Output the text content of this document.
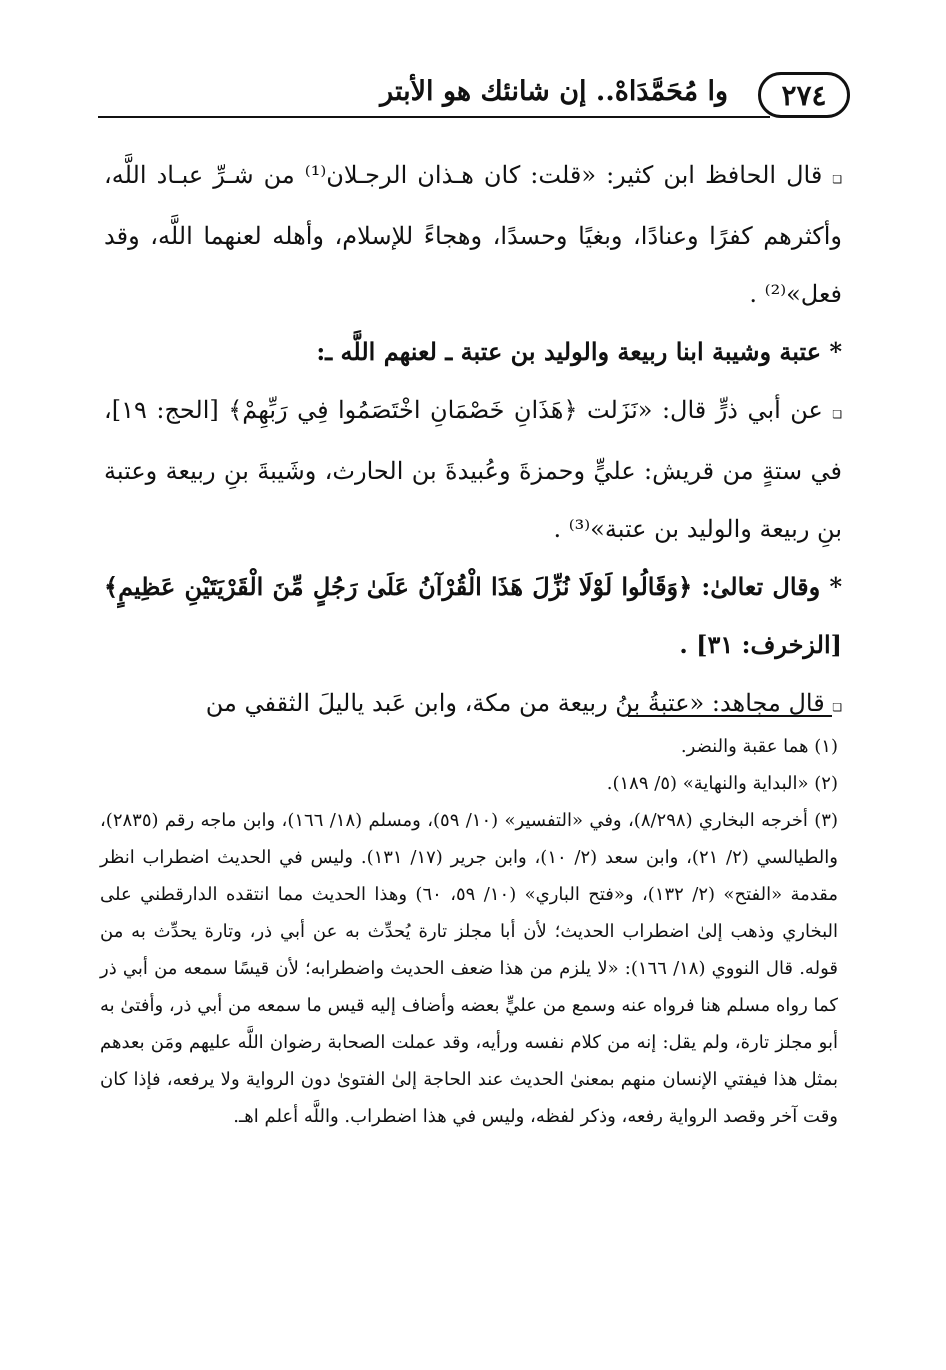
٢٧٤
وا مُحَمَّدَاهْ.. إن شانئك هو الأبتر

❏ قال الحافظ ابن كثير: «قلت: كان هـذان الرجـلان⁽¹⁾ من شـرِّ عبـاد اللَّه، وأكثرهم كفرًا وعنادًا، وبغيًا وحسدًا، وهجاءً للإسلام، وأهله لعنهما اللَّه، وقد فعل»⁽²⁾ .

* عتبة وشيبة ابنا ربيعة والوليد بن عتبة ـ لعنهم اللَّه ـ:

❏ عن أبي ذرٍّ قال: «نَزَلت ﴿هَذَانِ خَصْمَانِ اخْتَصَمُوا فِي رَبِّهِمْ﴾ [الحج: ١٩]، في ستةٍ من قريش: عليٍّ وحمزةَ وعُبيدةَ بن الحارث، وشَيبةَ بنِ ربيعة وعتبة بنِ ربيعة والوليد بن عتبة»⁽³⁾ .

* وقال تعالىٰ: ﴿وَقَالُوا لَوْلَا نُزِّلَ هَذَا الْقُرْآنُ عَلَىٰ رَجُلٍ مِّنَ الْقَرْيَتَيْنِ عَظِيمٍ﴾ [الزخرف: ٣١] .

❏ قال مجاهد: «عتبةُ بنُ ربيعة من مكة، وابن عَبد ياليلَ الثقفي من

(١) هما عقبة والنضر.

(٢) «البداية والنهاية» (٥/ ١٨٩).

(٣) أخرجه البخاري (٨/٢٩٨)، وفي «التفسير» (١٠/ ٥٩)، ومسلم (١٨/ ١٦٦)، وابن ماجه رقم (٢٨٣٥)، والطيالسي (٢/ ٢١)، وابن سعد (٢/ ١٠)، وابن جرير (١٧/ ١٣١). وليس في الحديث اضطراب انظر مقدمة «الفتح» (٢/ ١٣٢)، و«فتح الباري» (١٠/ ٥٩، ٦٠) وهذا الحديث مما انتقده الدارقطني على البخاري وذهب إلىٰ اضطراب الحديث؛ لأن أبا مجلز تارة يُحدِّث به عن أبي ذر، وتارة يحدِّث به من قوله. قال النووي (١٨/ ١٦٦): «لا يلزم من هذا ضعف الحديث واضطرابه؛ لأن قيسًا سمعه من أبي ذر كما رواه مسلم هنا فرواه عنه وسمع من عليٍّ بعضه وأضاف إليه قيس ما سمعه من أبي ذر، وأفتىٰ به أبو مجلز تارة، ولم يقل: إنه من كلام نفسه ورأيه، وقد عملت الصحابة رضوان اللَّه عليهم ومَن بعدهم بمثل هذا فيفتي الإنسان منهم بمعنىٰ الحديث عند الحاجة إلىٰ الفتوىٰ دون الرواية ولا يرفعه، فإذا كان وقت آخر وقصد الرواية رفعه، وذكر لفظه، وليس في هذا اضطراب. واللَّه أعلم اهـ.
